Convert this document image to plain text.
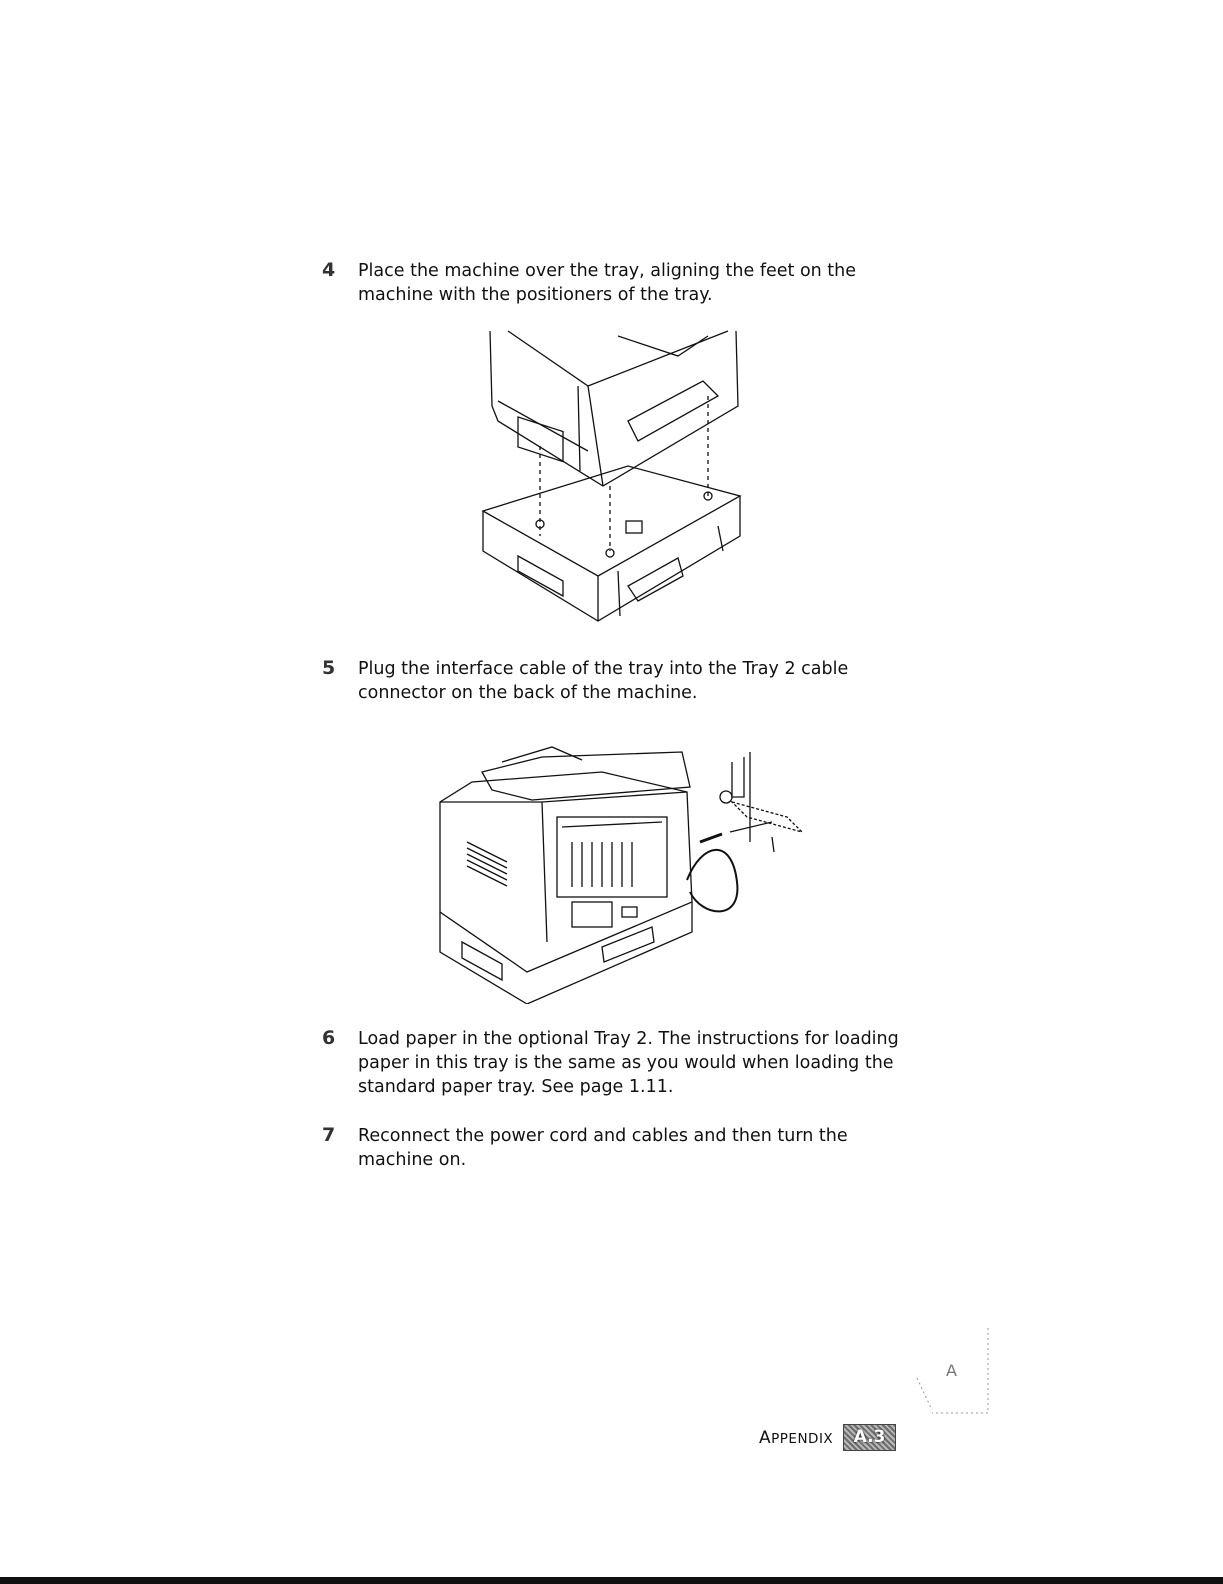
4 Place the machine over the tray, aligning the feet on the machine with the positioners of the tray.
5 Plug the interface cable of the tray into the Tray 2 cable connector on the back of the machine.
6 Load paper in the optional Tray 2. The instructions for loading paper in this tray is the same as you would when loading the standard paper tray. See page 1.11.
7 Reconnect the power cord and cables and then turn the machine on.
A
APPENDIX	A.3
